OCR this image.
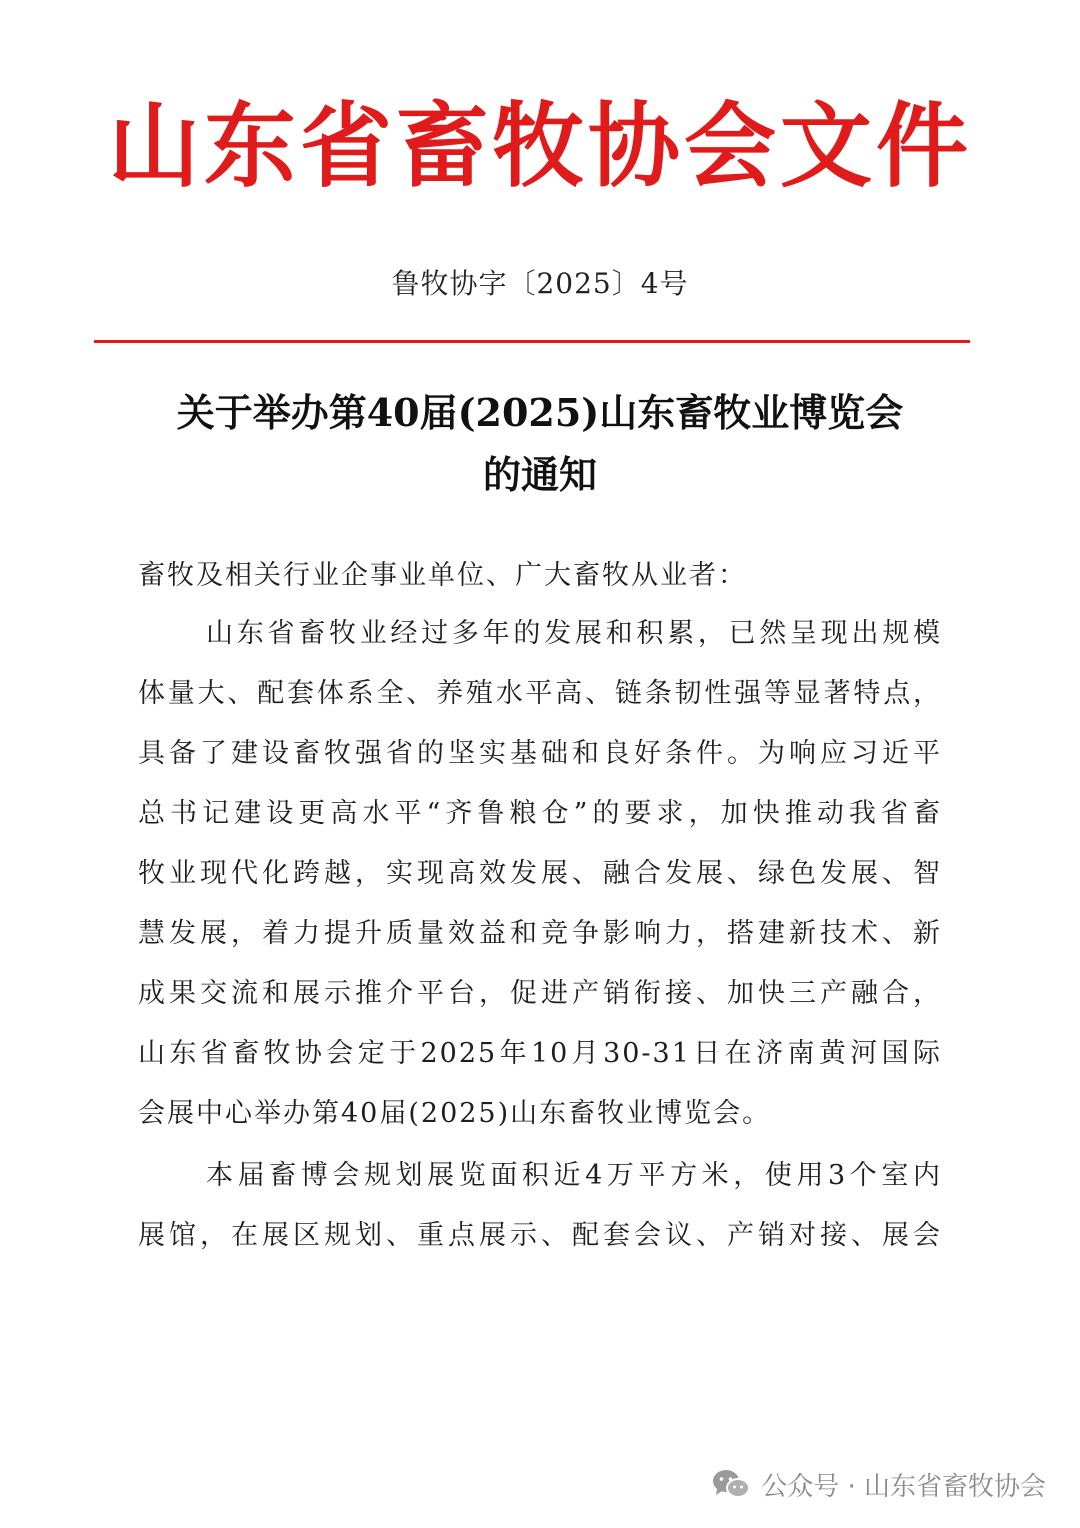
山东省畜牧协会文件
鲁牧协字〔2025〕4号
关于举办第40届(2025)山东畜牧业博览会
的通知
畜牧及相关行业企事业单位、广大畜牧从业者：
山东省畜牧业经过多年的发展和积累，已然呈现出规模
体量大、配套体系全、养殖水平高、链条韧性强等显著特点，
具备了建设畜牧强省的坚实基础和良好条件。为响应习近平
总书记建设更高水平“齐鲁粮仓”的要求，加快推动我省畜
牧业现代化跨越，实现高效发展、融合发展、绿色发展、智
慧发展，着力提升质量效益和竞争影响力，搭建新技术、新
成果交流和展示推介平台，促进产销衔接、加快三产融合，
山东省畜牧协会定于2025年10月30-31日在济南黄河国际
会展中心举办第40届(2025)山东畜牧业博览会。
本届畜博会规划展览面积近4万平方米，使用3个室内
展馆，在展区规划、重点展示、配套会议、产销对接、展会
公众号 · 山东省畜牧协会
